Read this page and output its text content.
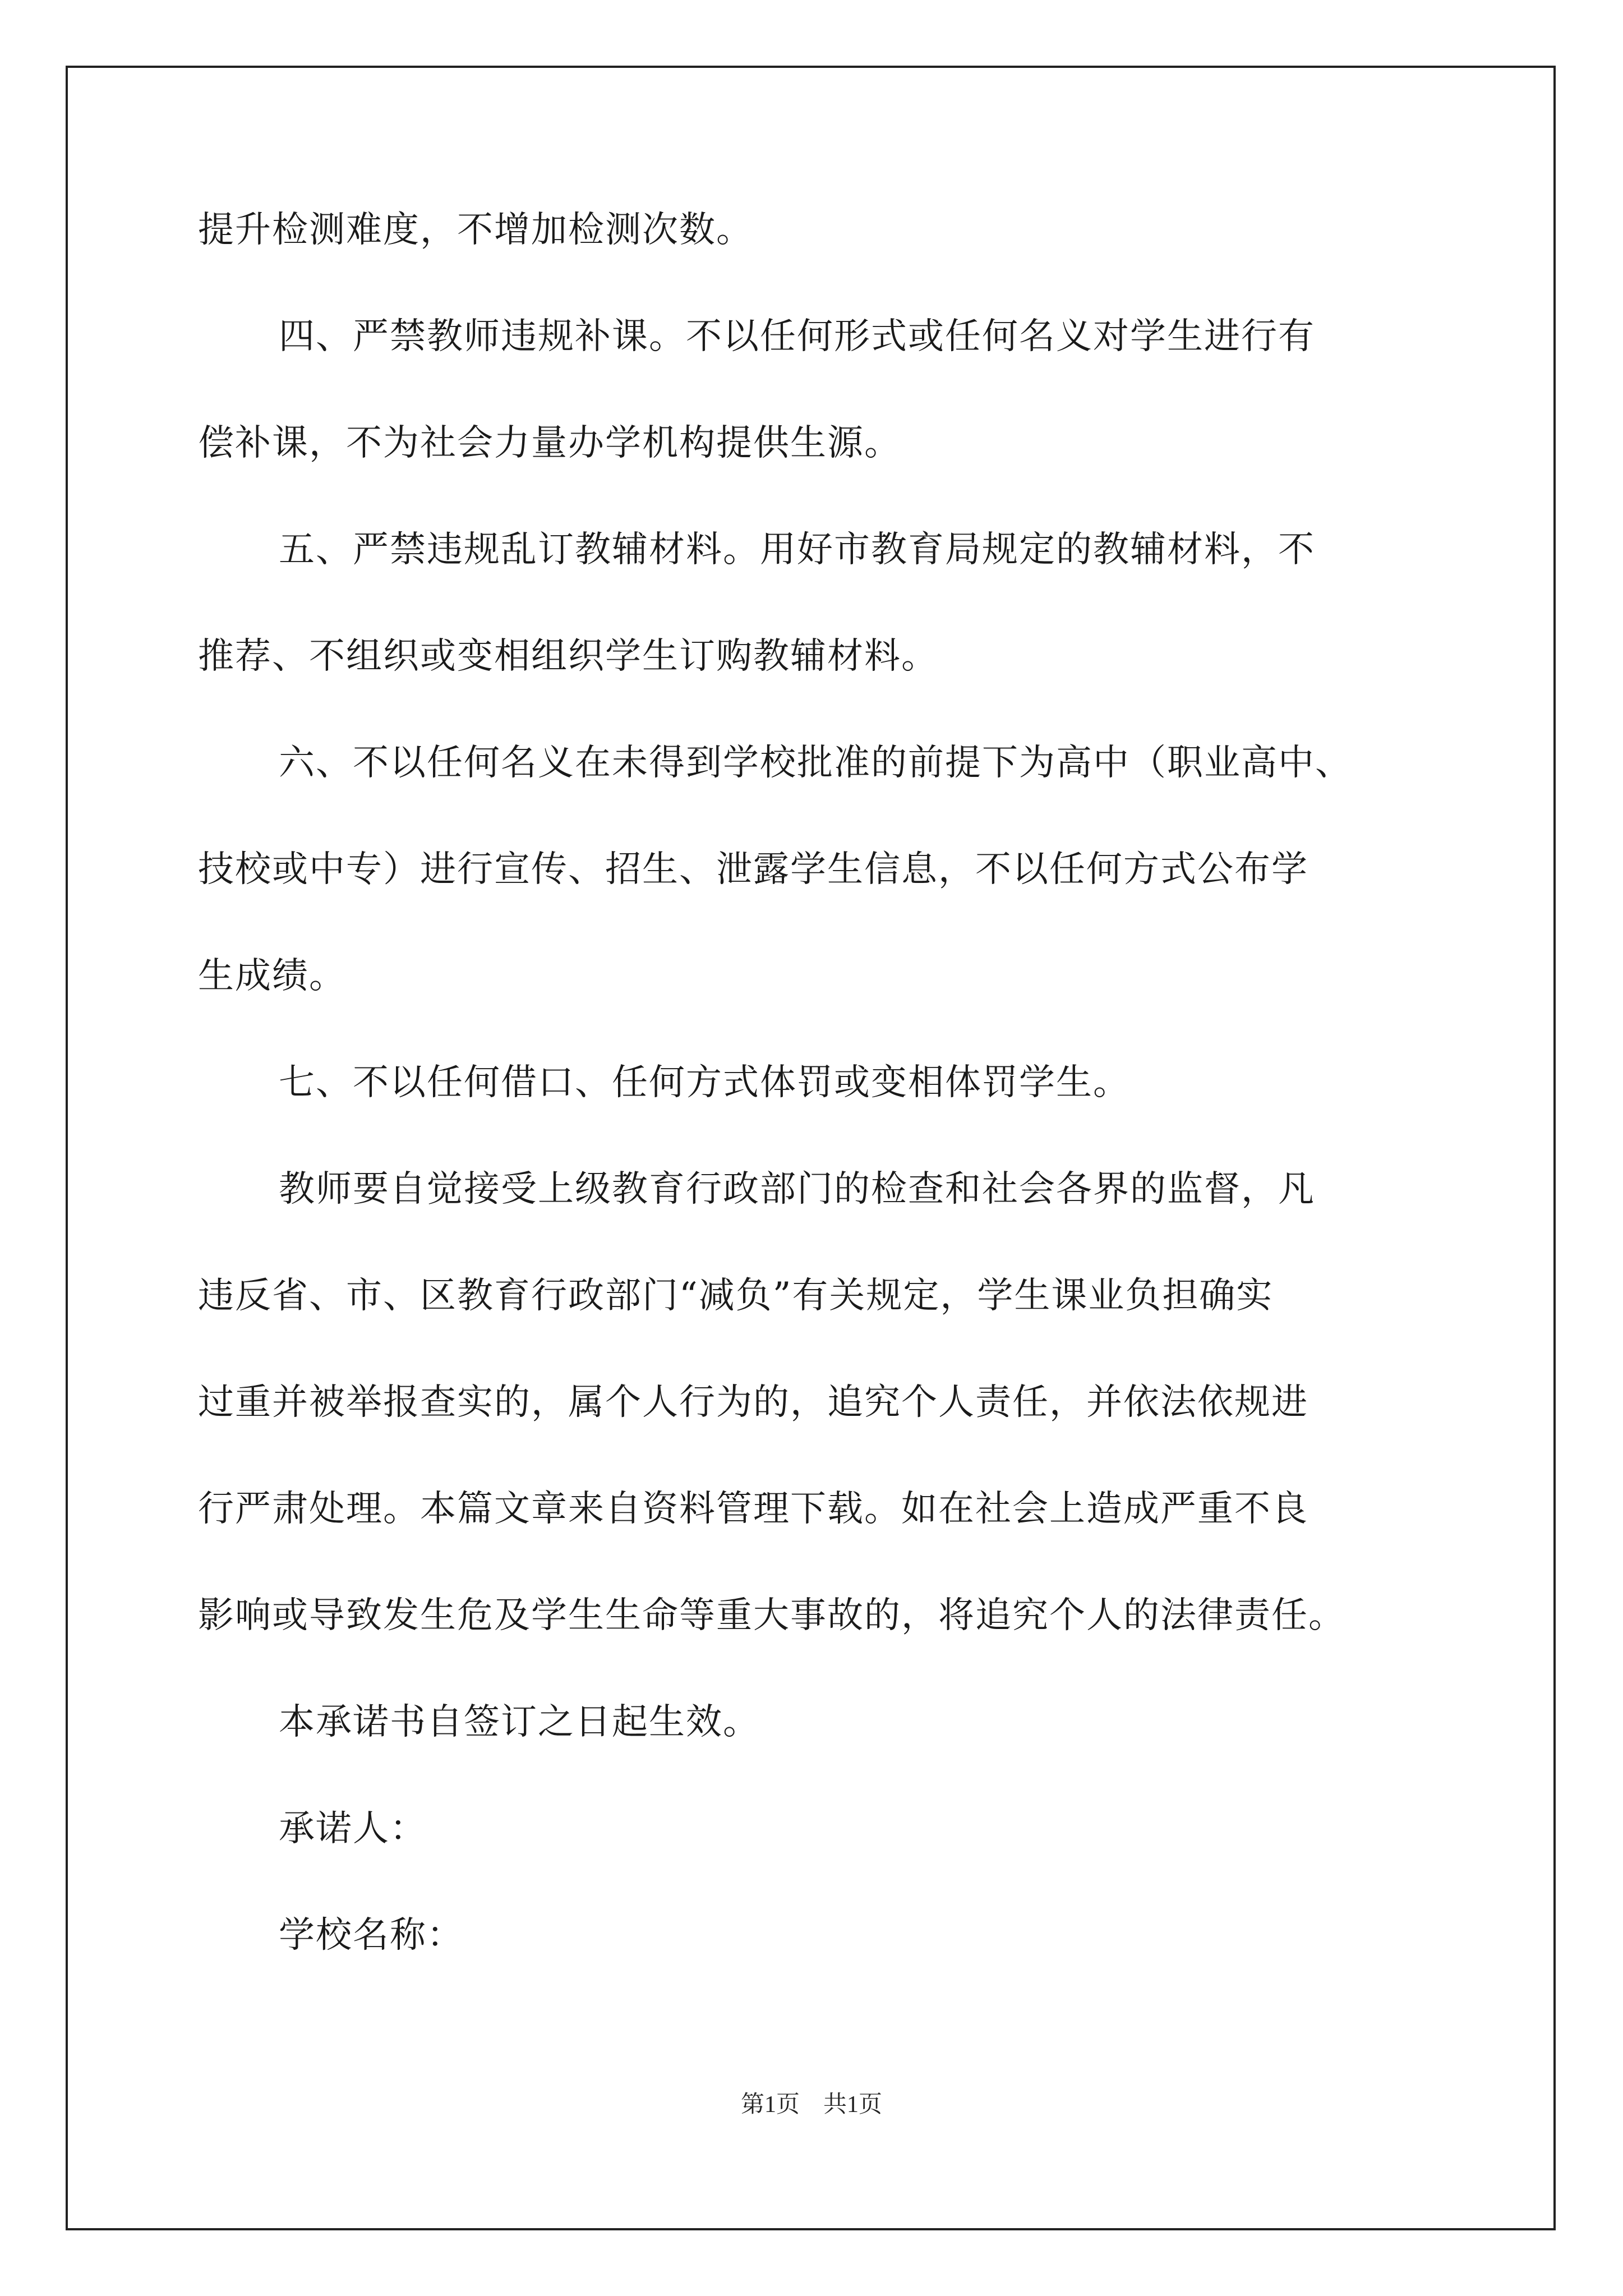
提升检测难度，不增加检测次数。
四、严禁教师违规补课。不以任何形式或任何名义对学生进行有
偿补课，不为社会力量办学机构提供生源。
五、严禁违规乱订教辅材料。用好市教育局规定的教辅材料，不
推荐、不组织或变相组织学生订购教辅材料。
六、不以任何名义在未得到学校批准的前提下为高中（职业高中、
技校或中专）进行宣传、招生、泄露学生信息，不以任何方式公布学
生成绩。
七、不以任何借口、任何方式体罚或变相体罚学生。
教师要自觉接受上级教育行政部门的检查和社会各界的监督，凡
违反省、市、区教育行政部门“减负”有关规定，学生课业负担确实
过重并被举报查实的，属个人行为的，追究个人责任，并依法依规进
行严肃处理。本篇文章来自资料管理下载。如在社会上造成严重不良
影响或导致发生危及学生生命等重大事故的，将追究个人的法律责任。
本承诺书自签订之日起生效。
承诺人：
学校名称：
第1页　共1页
